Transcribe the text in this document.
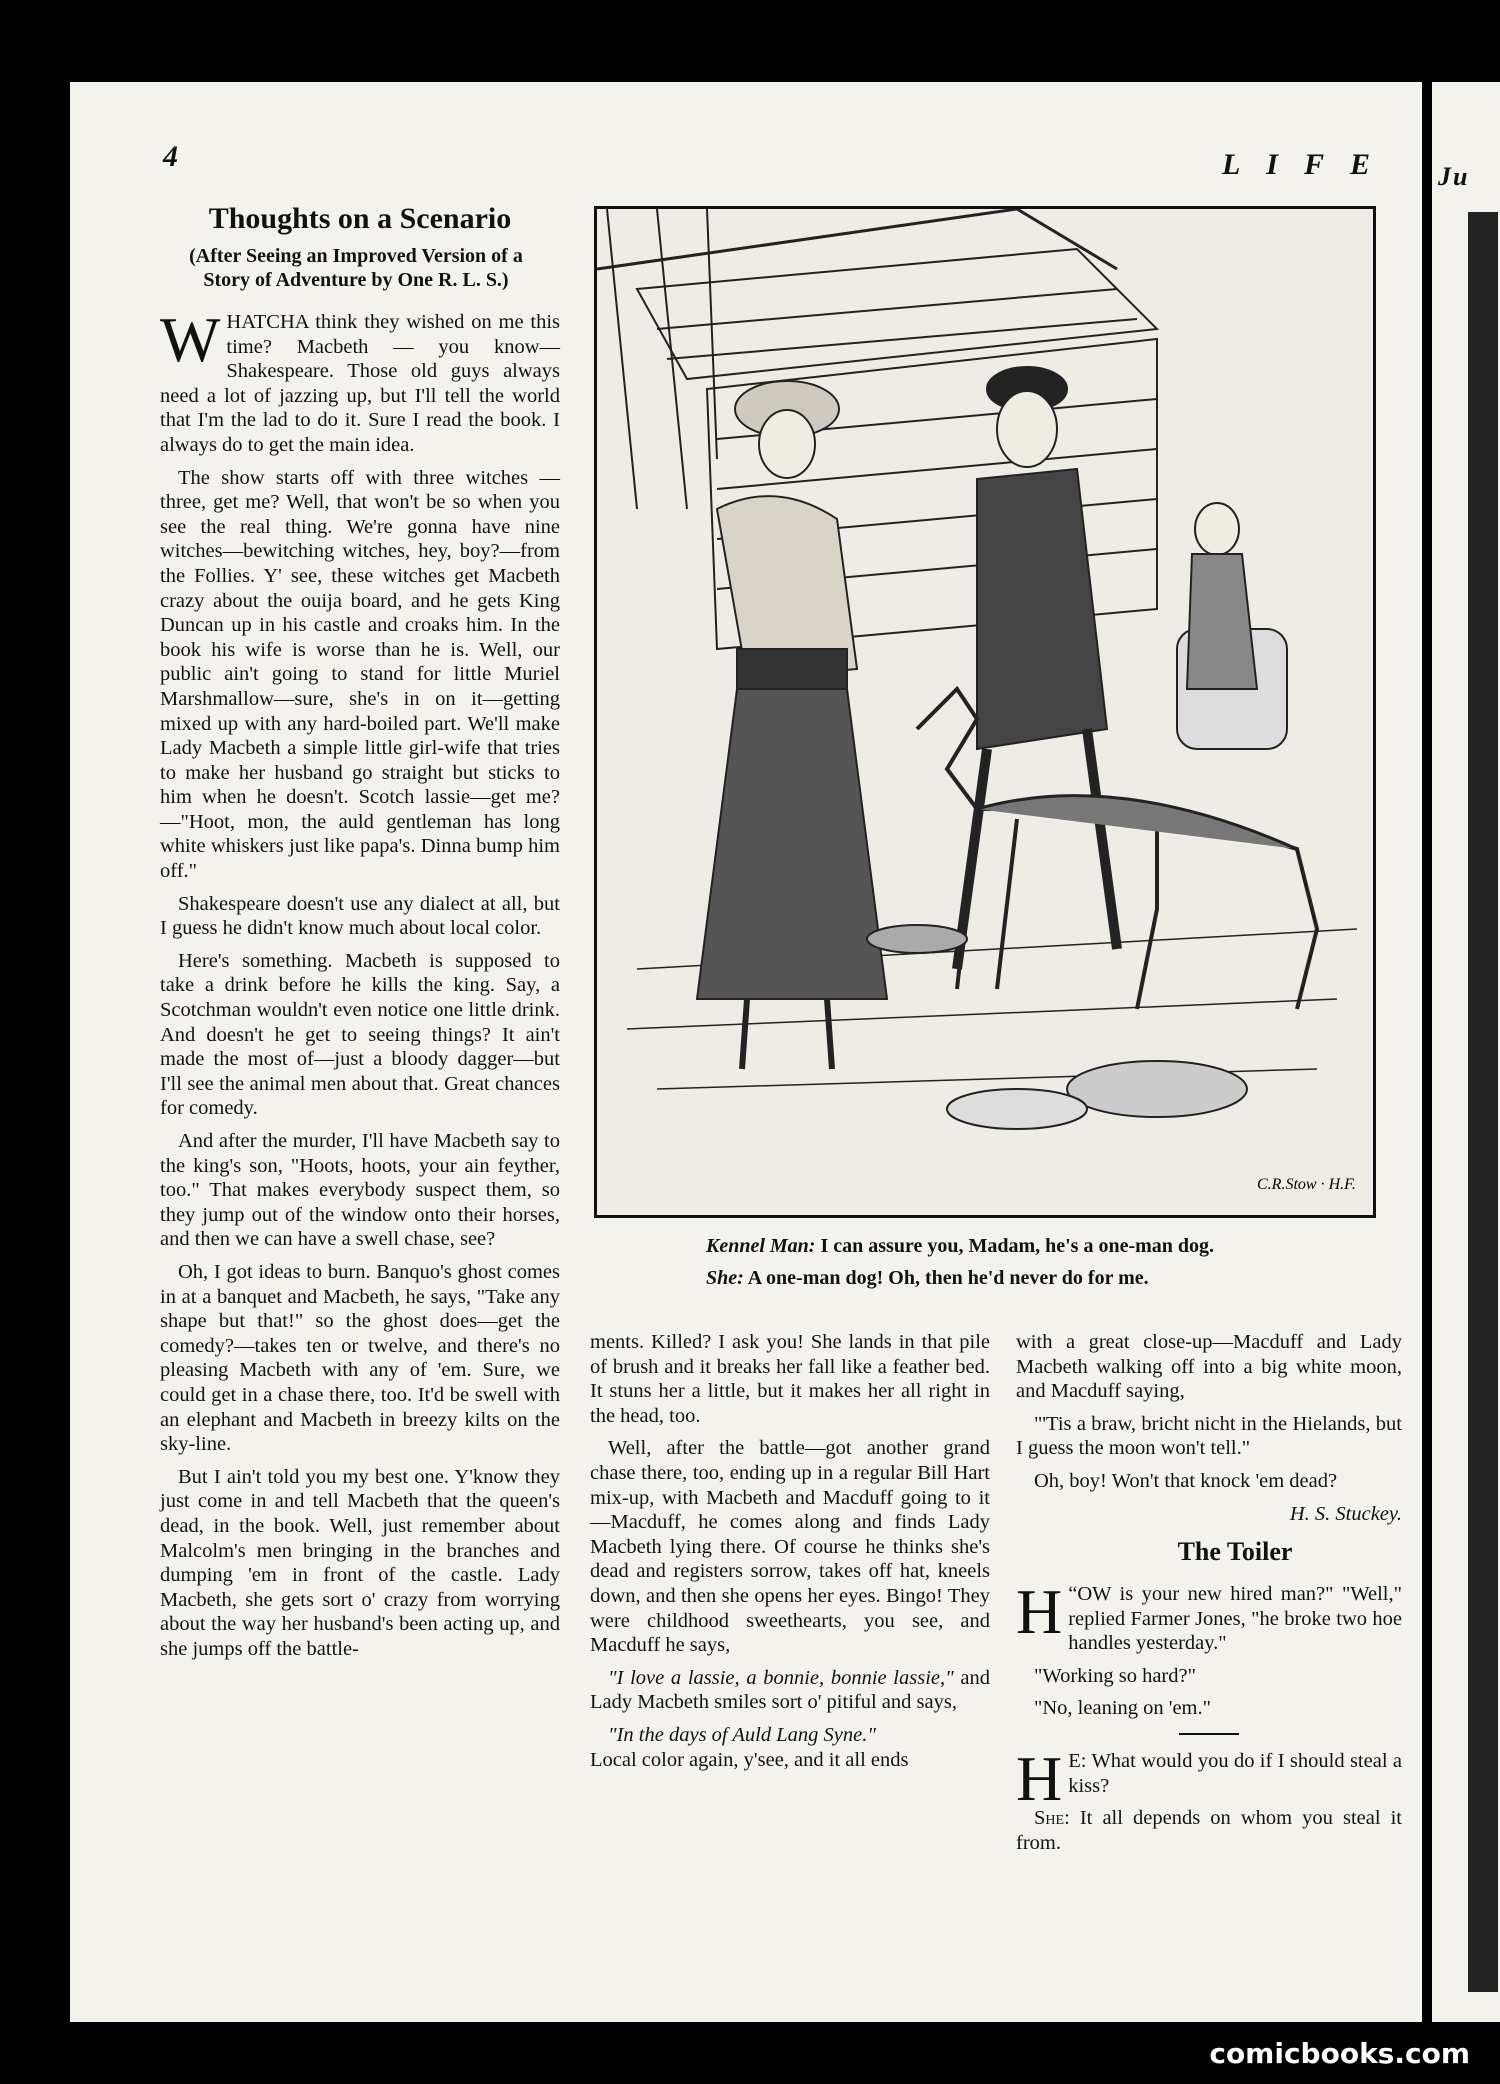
4	LIFE
Thoughts on a Scenario
(After Seeing an Improved Version of a Story of Adventure by One R. L. S.)

WHATCHA think they wished on me this time? Macbeth — you know—Shakespeare. Those old guys always need a lot of jazzing up, but I'll tell the world that I'm the lad to do it. Sure I read the book. I always do to get the main idea.

The show starts off with three witches —three, get me? Well, that won't be so when you see the real thing. We're gonna have nine witches—bewitching witches, hey, boy?—from the Follies. Y' see, these witches get Macbeth crazy about the ouija board, and he gets King Duncan up in his castle and croaks him. In the book his wife is worse than he is. Well, our public ain't going to stand for little Muriel Marshmallow—sure, she's in on it—getting mixed up with any hard-boiled part. We'll make Lady Macbeth a simple little girl-wife that tries to make her husband go straight but sticks to him when he doesn't. Scotch lassie—get me?—"Hoot, mon, the auld gentleman has long white whiskers just like papa's. Dinna bump him off."

Shakespeare doesn't use any dialect at all, but I guess he didn't know much about local color.

Here's something. Macbeth is supposed to take a drink before he kills the king. Say, a Scotchman wouldn't even notice one little drink. And doesn't he get to seeing things? It ain't made the most of—just a bloody dagger—but I'll see the animal men about that. Great chances for comedy.

And after the murder, I'll have Macbeth say to the king's son, "Hoots, hoots, your ain feyther, too." That makes everybody suspect them, so they jump out of the window onto their horses, and then we can have a swell chase, see?

Oh, I got ideas to burn. Banquo's ghost comes in at a banquet and Macbeth, he says, "Take any shape but that!" so the ghost does—get the comedy?—takes ten or twelve, and there's no pleasing Macbeth with any of 'em. Sure, we could get in a chase there, too. It'd be swell with an elephant and Macbeth in breezy kilts on the sky-line.

But I ain't told you my best one. Y'know they just come in and tell Macbeth that the queen's dead, in the book. Well, just remember about Malcolm's men bringing in the branches and dumping 'em in front of the castle. Lady Macbeth, she gets sort o' crazy from worrying about the way her husband's been acting up, and she jumps off the battle-

C.R.Stow · H.F.
Kennel Man: I can assure you, Madam, he's a one-man dog.
She: A one-man dog! Oh, then he'd never do for me.

ments. Killed? I ask you! She lands in that pile of brush and it breaks her fall like a feather bed. It stuns her a little, but it makes her all right in the head, too.

Well, after the battle—got another grand chase there, too, ending up in a regular Bill Hart mix-up, with Macbeth and Macduff going to it—Macduff, he comes along and finds Lady Macbeth lying there. Of course he thinks she's dead and registers sorrow, takes off hat, kneels down, and then she opens her eyes. Bingo! They were childhood sweethearts, you see, and Macduff he says,

"I love a lassie, a bonnie, bonnie lassie," and Lady Macbeth smiles sort o' pitiful and says,

"In the days of Auld Lang Syne."
Local color again, y'see, and it all ends

with a great close-up—Macduff and Lady Macbeth walking off into a big white moon, and Macduff saying,

"'Tis a braw, bricht nicht in the Hielands, but I guess the moon won't tell."

Oh, boy! Won't that knock 'em dead?

H. S. Stuckey.

The Toiler

“
H OW is your new hired man?" "Well," replied Farmer Jones, "he broke two hoe handles yesterday."

"Working so hard?"

"No, leaning on 'em."

H E: What would you do if I should steal a kiss?

She: It all depends on whom you steal it from.

Ju
comicbooks.com
